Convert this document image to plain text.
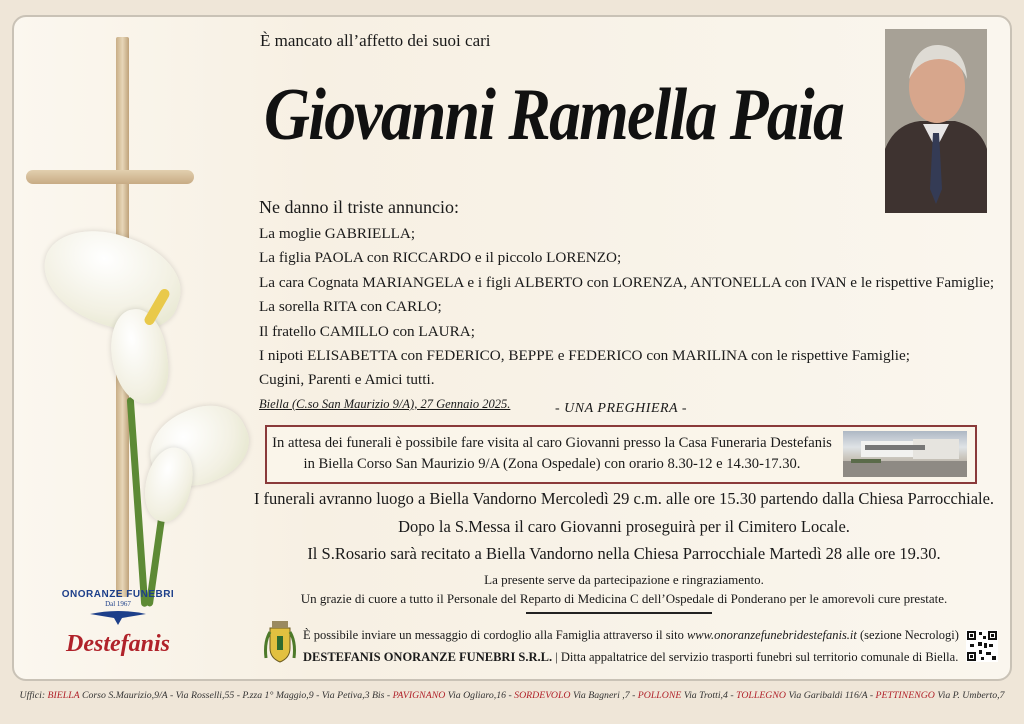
ONORANZE FUNEBRI
Dal 1967
Destefanis
È mancato all’affetto dei suoi cari
Giovanni Ramella Paia
Ne danno il triste annuncio:
La moglie GABRIELLA;
La figlia PAOLA con RICCARDO e il piccolo LORENZO;
La cara Cognata MARIANGELA e i figli ALBERTO con LORENZA, ANTONELLA con IVAN e le rispettive Famiglie;
La sorella RITA con CARLO;
Il fratello CAMILLO con LAURA;
I nipoti ELISABETTA con FEDERICO, BEPPE e FEDERICO con MARILINA con le rispettive Famiglie;
Cugini, Parenti e Amici tutti.
Biella (C.so San Maurizio 9/A), 27 Gennaio 2025.	- UNA PREGHIERA -
In attesa dei funerali è possibile fare visita al caro Giovanni presso la Casa Funeraria Destefanis
in Biella Corso San Maurizio 9/A (Zona Ospedale) con orario 8.30-12 e 14.30-17.30.
I funerali avranno luogo a Biella Vandorno Mercoledì 29 c.m. alle ore 15.30 partendo dalla Chiesa Parrocchiale.
Dopo la S.Messa il caro Giovanni proseguirà per il Cimitero Locale.
Il S.Rosario sarà recitato a Biella Vandorno nella Chiesa Parrocchiale Martedì 28 alle ore 19.30.
La presente serve da partecipazione e ringraziamento.
Un grazie di cuore a tutto il Personale del Reparto di Medicina C dell’Ospedale di Ponderano per le amorevoli cure prestate.
È possibile inviare un messaggio di cordoglio alla Famiglia attraverso il sito www.onoranzefunebridestefanis.it (sezione Necrologi)
DESTEFANIS ONORANZE FUNEBRI S.R.L. | Ditta appaltatrice del servizio trasporti funebri sul territorio comunale di Biella.
Uffici: BIELLA Corso S.Maurizio,9/A - Via Rosselli,55 - P.zza 1° Maggio,9 - Via Petiva,3 Bis - PAVIGNANO Via Ogliaro,16 - SORDEVOLO Via Bagneri ,7 - POLLONE Via Trotti,4 - TOLLEGNO Via Garibaldi 116/A - PETTINENGO Via P. Umberto,7
